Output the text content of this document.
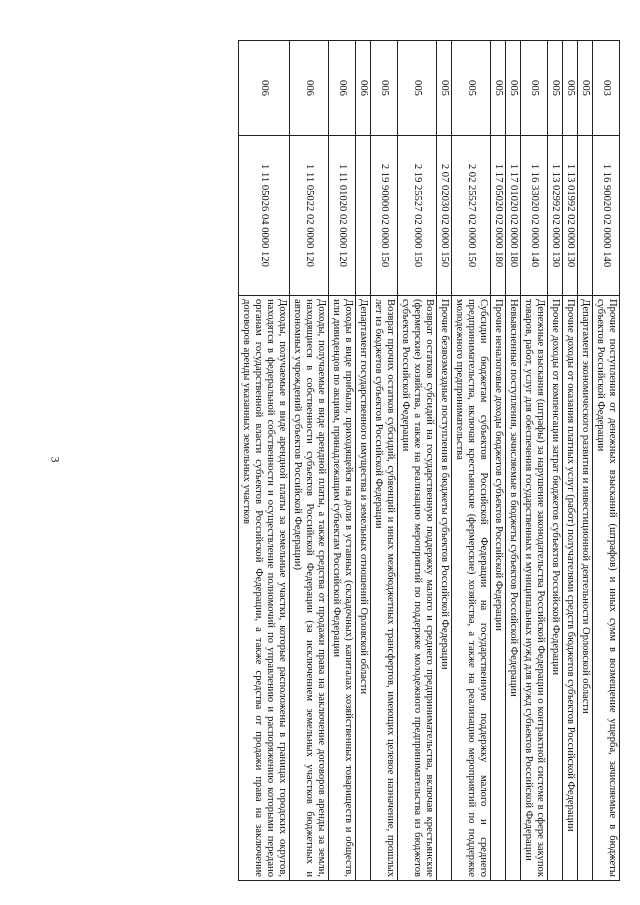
3
003	1 16 90020 02 0000 140	Прочие поступления от денежных взысканий (штрафов) и иных сумм в возмещение ущерба, зачисляемые в бюджеты субъектов Российской Федерации
005		Департамент экономического развития и инвестиционной деятельности Орловской области
005	1 13 01992 02 0000 130	Прочие доходы от оказания платных услуг (работ) получателями средств бюджетов субъектов Российской Федерации
005	1 13 02992 02 0000 130	Прочие доходы от компенсации затрат бюджетов субъектов Российской Федерации
005	1 16 33020 02 0000 140	Денежные взыскания (штрафы) за нарушение законодательства Российской Федерации о контрактной системе в сфере закупок товаров, работ, услуг для обеспечения государственных и муниципальных нужд для нужд субъектов Российской Федерации
005	1 17 01020 02 0000 180	Невыясненные поступления, зачисляемые в бюджеты субъектов Российской Федерации
005	1 17 05020 02 0000 180	Прочие неналоговые доходы бюджетов субъектов Российской Федерации
005	2 02 25527 02 0000 150	Субсидии бюджетам субъектов Российской Федерации на государственную поддержку малого и среднего предпринимательства, включая крестьянские (фермерские) хозяйства, а также на реализацию мероприятий по поддержке молодежного предпринимательства
005	2 07 02030 02 0000 150	Прочие безвозмездные поступления в бюджеты субъектов Российской Федерации
005	2 19 25527 02 0000 150	Возврат остатков субсидий на государственную поддержку малого и среднего предпринимательства, включая крестьянские (фермерские) хозяйства, а также на реализацию мероприятий по поддержке молодежного предпринимательства из бюджетов субъектов Российской Федерации
005	2 19 90000 02 0000 150	Возврат прочих остатков субсидий, субвенций и иных межбюджетных трансфертов, имеющих целевое назначение, прошлых лет из бюджетов субъектов Российской Федерации
006		Департамент государственного имущества и земельных отношений Орловской области
006	1 11 01020 02 0000 120	Доходы в виде прибыли, приходящейся на доли в уставных (складочных) капиталах хозяйственных товариществ и обществ, или дивидендов по акциям, принадлежащим субъектам Российской Федерации
006	1 11 05022 02 0000 120	Доходы, получаемые в виде арендной платы, а также средства от продажи права на заключение договоров аренды за земли, находящиеся в собственности субъектов Российской Федерации (за исключением земельных участков бюджетных и автономных учреждений субъектов Российской Федерации)
006	1 11 05026 04 0000 120	Доходы, получаемые в виде арендной платы за земельные участки, которые расположены в границах городских округов, находятся в федеральной собственности и осуществление полномочий по управлению и распоряжению которыми передано органам государственной власти субъектов Российской Федерации, а также средства от продажи права на заключение договоров аренды указанных земельных участков
